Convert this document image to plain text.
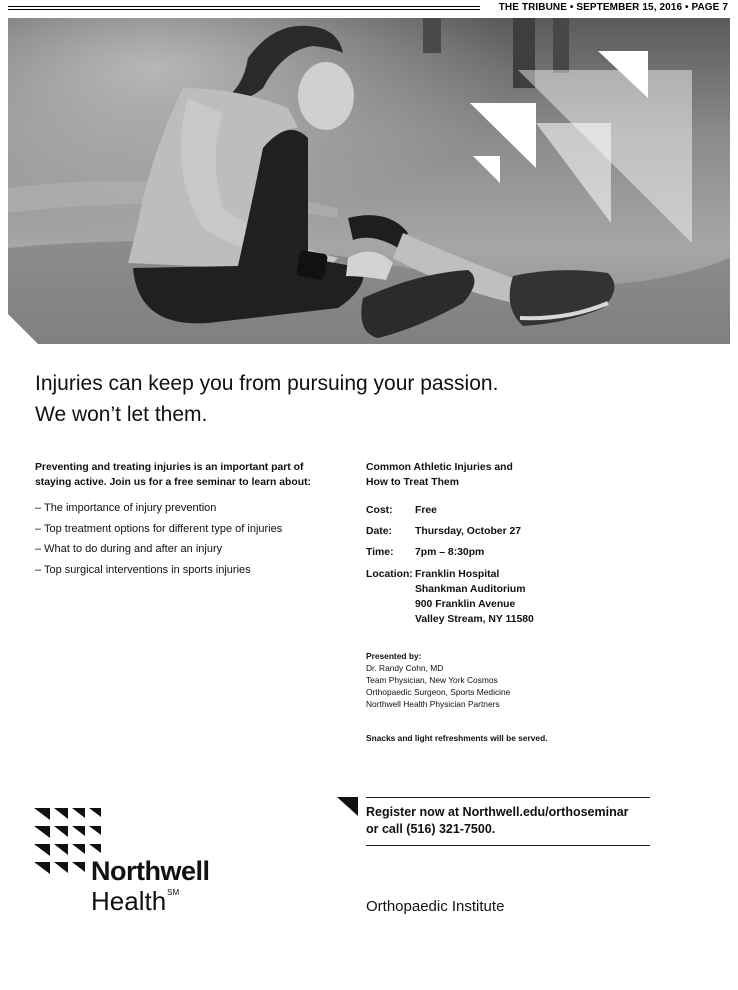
THE TRIBUNE • SEPTEMBER 15, 2016 • PAGE 7
Injuries can keep you from pursuing your passion.
We won’t let them.
Preventing and treating injuries is an important part of staying active. Join us for a free seminar to learn about:
– The importance of injury prevention
– Top treatment options for different type of injuries
– What to do during and after an injury
– Top surgical interventions in sports injuries
Common Athletic Injuries and
How to Treat Them
Cost:	Free
Date:	Thursday, October 27
Time:	7pm – 8:30pm
Location: Franklin Hospital
Shankman Auditorium
900 Franklin Avenue
Valley Stream, NY 11580
Presented by:
Dr. Randy Cohn, MD
Team Physician, New York Cosmos
Orthopaedic Surgeon, Sports Medicine
Northwell Health Physician Partners
Snacks and light refreshments will be served.
Northwell
Health℠
Register now at Northwell.edu/orthoseminar
or call (516) 321-7500.
Orthopaedic Institute
